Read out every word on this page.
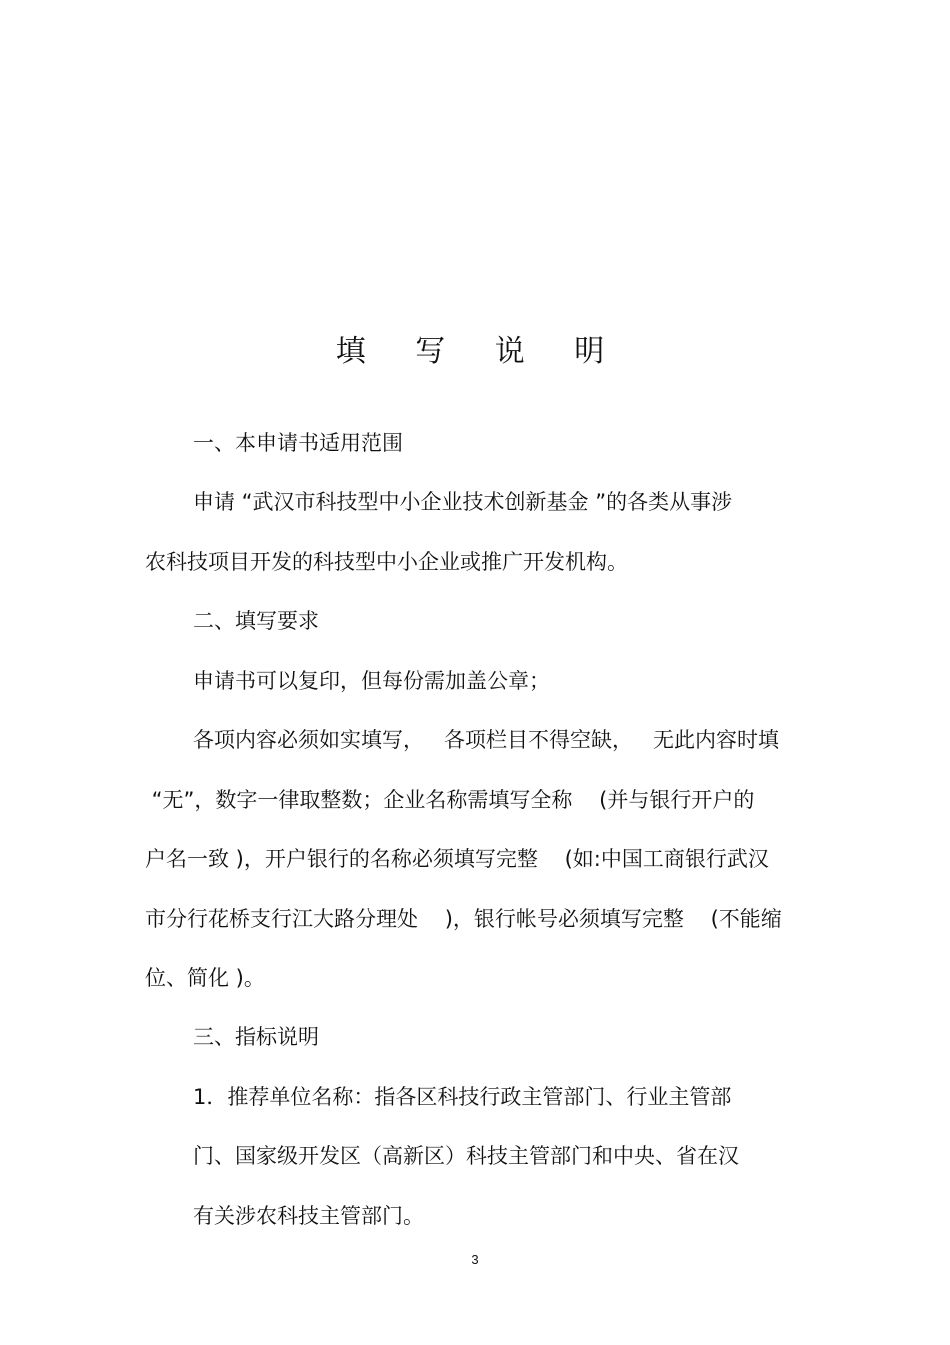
填 写 说 明

一、本申请书适用范围

申请 “武汉市科技型中小企业技术创新基金 ”的各类从事涉

农科技项目开发的科技型中小企业或推广开发机构。

二、填写要求

申请书可以复印，但每份需加盖公章；

各项内容必须如实填写，   各项栏目不得空缺，   无此内容时填

“无”，数字一律取整数；企业名称需填写全称    (并与银行开户的

户名一致 )，开户银行的名称必须填写完整    (如:中国工商银行武汉

市分行花桥支行江大路分理处    )，银行帐号必须填写完整    (不能缩

位、简化 )。

三、指标说明

1．推荐单位名称：指各区科技行政主管部门、行业主管部

门、国家级开发区（高新区）科技主管部门和中央、省在汉

有关涉农科技主管部门。

3
